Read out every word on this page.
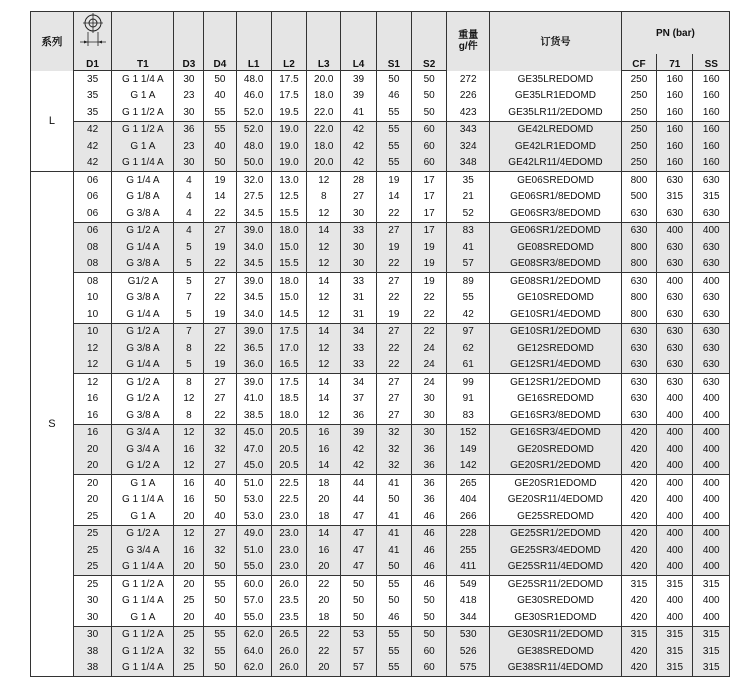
系列											重量
g/件	订货号	PN (bar)		
	D1	T1	D3	D4	L1	L2	L3	L4	S1	S2			CF	71	SS
L	35	G 1 1/4 A	30	50	48.0	17.5	20.0	39	50	50	272	GE35LREDOMD	250	160	160
	35	G 1 A	23	40	46.0	17.5	18.0	39	46	50	226	GE35LR1EDOMD	250	160	160
	35	G 1 1/2 A	30	55	52.0	19.5	22.0	41	55	50	423	GE35LR11/2EDOMD	250	160	160
	42	G 1 1/2 A	36	55	52.0	19.0	22.0	42	55	60	343	GE42LREDOMD	250	160	160
	42	G 1 A	23	40	48.0	19.0	18.0	42	55	60	324	GE42LR1EDOMD	250	160	160
	42	G 1 1/4 A	30	50	50.0	19.0	20.0	42	55	60	348	GE42LR11/4EDOMD	250	160	160
S	06	G 1/4 A	4	19	32.0	13.0	12	28	19	17	35	GE06SREDOMD	800	630	630
	06	G 1/8 A	4	14	27.5	12.5	8	27	14	17	21	GE06SR1/8EDOMD	500	315	315
	06	G 3/8 A	4	22	34.5	15.5	12	30	22	17	52	GE06SR3/8EDOMD	630	630	630
	06	G 1/2 A	4	27	39.0	18.0	14	33	27	17	83	GE06SR1/2EDOMD	630	400	400
	08	G 1/4 A	5	19	34.0	15.0	12	30	19	19	41	GE08SREDOMD	800	630	630
	08	G 3/8 A	5	22	34.5	15.5	12	30	22	19	57	GE08SR3/8EDOMD	800	630	630
	08	G1/2 A	5	27	39.0	18.0	14	33	27	19	89	GE08SR1/2EDOMD	630	400	400
	10	G 3/8 A	7	22	34.5	15.0	12	31	22	22	55	GE10SREDOMD	800	630	630
	10	G 1/4 A	5	19	34.0	14.5	12	31	19	22	42	GE10SR1/4EDOMD	800	630	630
	10	G 1/2 A	7	27	39.0	17.5	14	34	27	22	97	GE10SR1/2EDOMD	630	630	630
	12	G 3/8 A	8	22	36.5	17.0	12	33	22	24	62	GE12SREDOMD	630	630	630
	12	G 1/4 A	5	19	36.0	16.5	12	33	22	24	61	GE12SR1/4EDOMD	630	630	630
	12	G 1/2 A	8	27	39.0	17.5	14	34	27	24	99	GE12SR1/2EDOMD	630	630	630
	16	G 1/2 A	12	27	41.0	18.5	14	37	27	30	91	GE16SREDOMD	630	400	400
	16	G 3/8 A	8	22	38.5	18.0	12	36	27	30	83	GE16SR3/8EDOMD	630	400	400
	16	G 3/4 A	12	32	45.0	20.5	16	39	32	30	152	GE16SR3/4EDOMD	420	400	400
	20	G 3/4 A	16	32	47.0	20.5	16	42	32	36	149	GE20SREDOMD	420	400	400
	20	G 1/2 A	12	27	45.0	20.5	14	42	32	36	142	GE20SR1/2EDOMD	420	400	400
	20	G 1 A	16	40	51.0	22.5	18	44	41	36	265	GE20SR1EDOMD	420	400	400
	20	G 1 1/4 A	16	50	53.0	22.5	20	44	50	36	404	GE20SR11/4EDOMD	420	400	400
	25	G 1 A	20	40	53.0	23.0	18	47	41	46	266	GE25SREDOMD	420	400	400
	25	G 1/2 A	12	27	49.0	23.0	14	47	41	46	228	GE25SR1/2EDOMD	420	400	400
	25	G 3/4 A	16	32	51.0	23.0	16	47	41	46	255	GE25SR3/4EDOMD	420	400	400
	25	G 1 1/4 A	20	50	55.0	23.0	20	47	50	46	411	GE25SR11/4EDOMD	420	400	400
	25	G 1 1/2 A	20	55	60.0	26.0	22	50	55	46	549	GE25SR11/2EDOMD	315	315	315
	30	G 1 1/4 A	25	50	57.0	23.5	20	50	50	50	418	GE30SREDOMD	420	400	400
	30	G 1 A	20	40	55.0	23.5	18	50	46	50	344	GE30SR1EDOMD	420	400	400
	30	G 1 1/2 A	25	55	62.0	26.5	22	53	55	50	530	GE30SR11/2EDOMD	315	315	315
	38	G 1 1/2 A	32	55	64.0	26.0	22	57	55	60	526	GE38SREDOMD	420	315	315
	38	G 1 1/4 A	25	50	62.0	26.0	20	57	55	60	575	GE38SR11/4EDOMD	420	315	315
